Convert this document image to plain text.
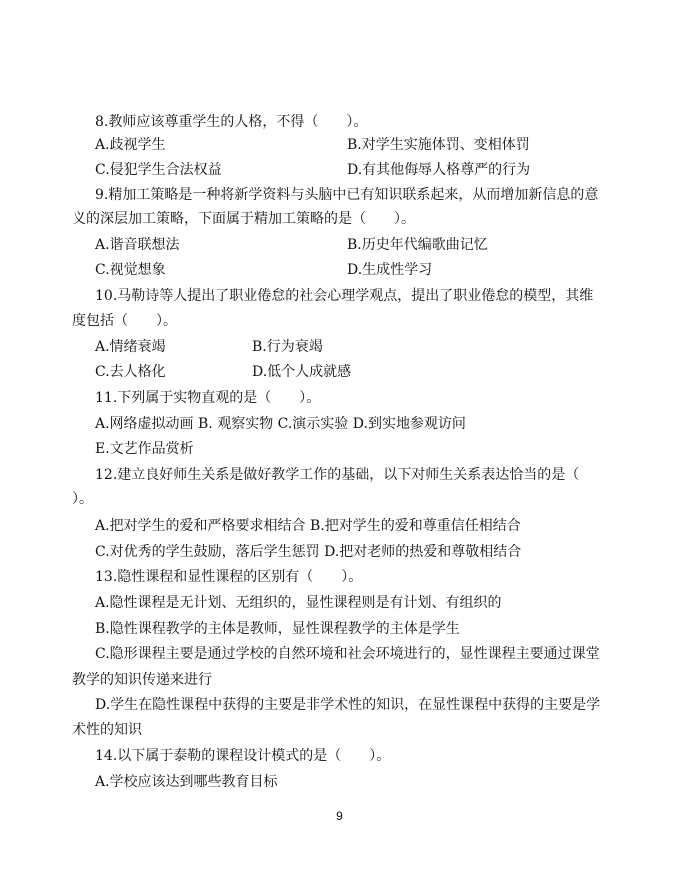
8.教师应该尊重学生的人格，不得（　　）。
A.歧视学生	B.对学生实施体罚、变相体罚
C.侵犯学生合法权益	D.有其他侮辱人格尊严的行为
9.精加工策略是一种将新学资料与头脑中已有知识联系起来，从而增加新信息的意
义的深层加工策略，下面属于精加工策略的是（　　）。
A.谐音联想法	B.历史年代编歌曲记忆
C.视觉想象	D.生成性学习
10.马勒诗等人提出了职业倦怠的社会心理学观点，提出了职业倦怠的模型，其维
度包括（　　）。
A.情绪衰竭	B.行为衰竭
C.去人格化	D.低个人成就感
11.下列属于实物直观的是（　　）。
A.网络虚拟动画 B. 观察实物 C.演示实验 D.到实地参观访问
E.文艺作品赏析
12.建立良好师生关系是做好教学工作的基础，以下对师生关系表达恰当的是（
）。
A.把对学生的爱和严格要求相结合 B.把对学生的爱和尊重信任相结合
C.对优秀的学生鼓励，落后学生惩罚 D.把对老师的热爱和尊敬相结合
13.隐性课程和显性课程的区别有（　　）。
A.隐性课程是无计划、无组织的，显性课程则是有计划、有组织的
B.隐性课程教学的主体是教师，显性课程教学的主体是学生
C.隐形课程主要是通过学校的自然环境和社会环境进行的，显性课程主要通过课堂
教学的知识传递来进行
D.学生在隐性课程中获得的主要是非学术性的知识，在显性课程中获得的主要是学
术性的知识
14.以下属于泰勒的课程设计模式的是（　　）。
A.学校应该达到哪些教育目标
9
